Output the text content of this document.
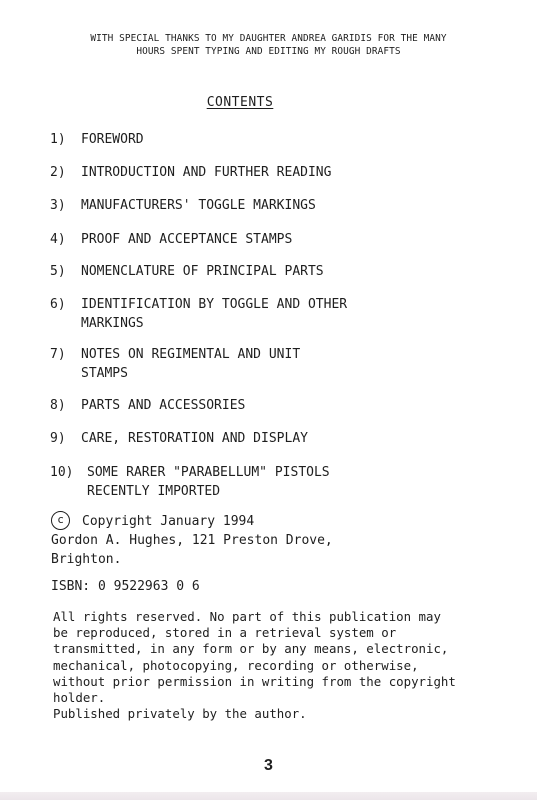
WITH SPECIAL THANKS TO MY DAUGHTER ANDREA GARIDIS FOR THE MANY
HOURS SPENT TYPING AND EDITING MY ROUGH DRAFTS
CONTENTS
1) FOREWORD
2) INTRODUCTION AND FURTHER READING
3) MANUFACTURERS' TOGGLE MARKINGS
4) PROOF AND ACCEPTANCE STAMPS
5) NOMENCLATURE OF PRINCIPAL PARTS
6) IDENTIFICATION BY TOGGLE AND OTHER
MARKINGS
7) NOTES ON REGIMENTAL AND UNIT
STAMPS
8) PARTS AND ACCESSORIES
9) CARE, RESTORATION AND DISPLAY
10) SOME RARER "PARABELLUM" PISTOLS
RECENTLY IMPORTED
c Copyright January 1994
Gordon A. Hughes, 121 Preston Drove,
Brighton.
ISBN: 0 9522963 0 6
All rights reserved. No part of this publication may
be reproduced, stored in a retrieval system or
transmitted, in any form or by any means, electronic,
mechanical, photocopying, recording or otherwise,
without prior permission in writing from the copyright
holder.
Published privately by the author.
3
